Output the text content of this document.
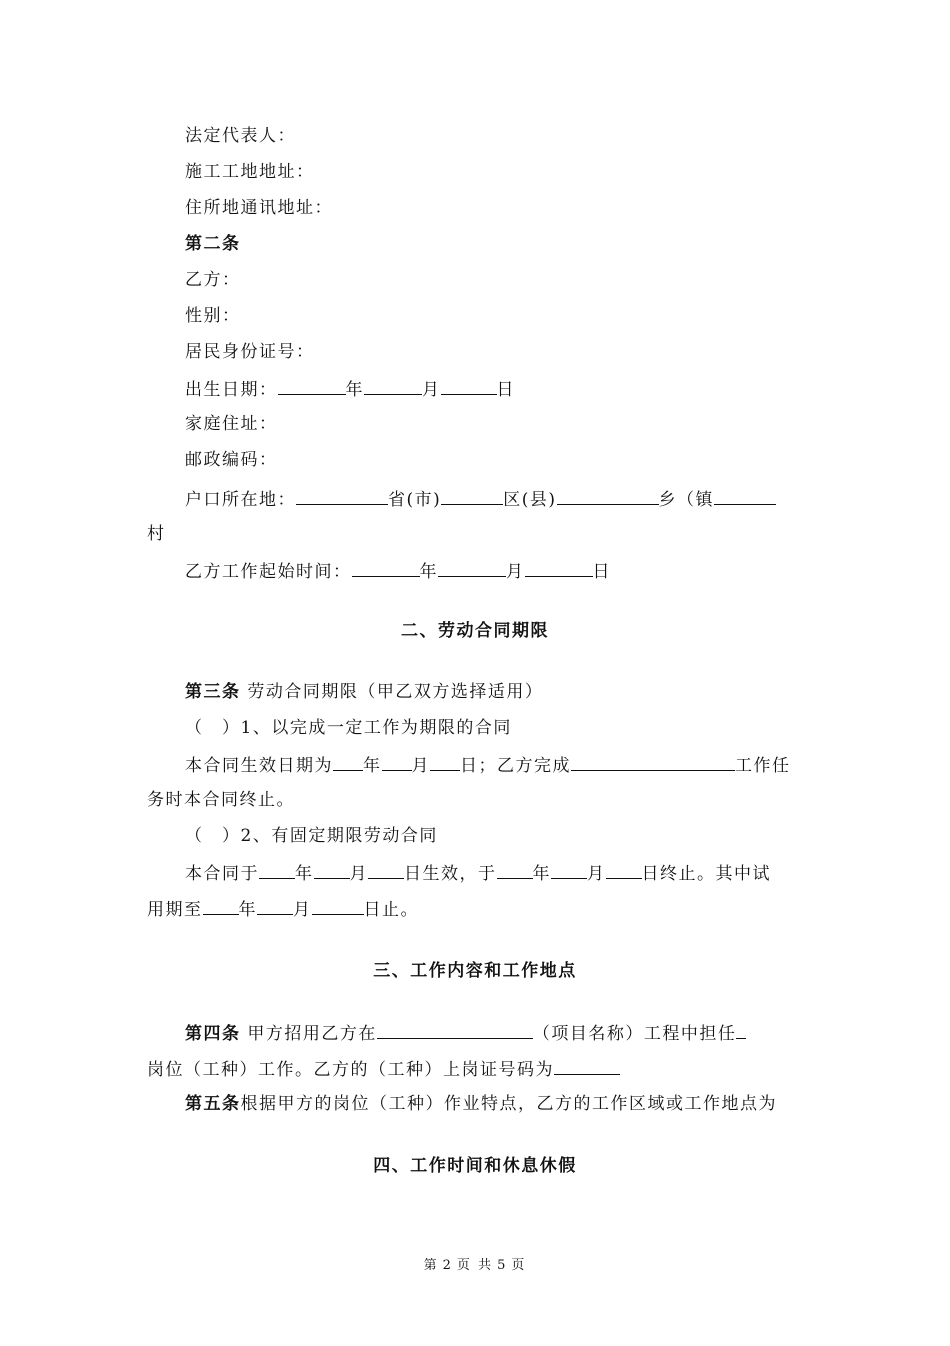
法定代表人：
施工工地地址：
住所地通讯地址：
第二条
乙方：
性别：
居民身份证号：
出生日期：	年	月	日
家庭住址：
邮政编码：
户口所在地：	省(市)	区(县)	乡（镇
村
乙方工作起始时间：	年	月	日
二、劳动合同期限
第三条 劳动合同期限（甲乙双方选择适用）
（　）1、以完成一定工作为期限的合同
本合同生效日期为 年 月 日；乙方完成	工作任
务时本合同终止。
（　）2、有固定期限劳动合同
本合同于 年 月 日生效，于 年 月 日终止。其中试
用期至 年 月	日止。
三、工作内容和工作地点
第四条 甲方招用乙方在	（项目名称）工程中担任
岗位（工种）工作。乙方的（工种）上岗证号码为
第五条根据甲方的岗位（工种）作业特点，乙方的工作区域或工作地点为
四、工作时间和休息休假
第 2 页 共 5 页
